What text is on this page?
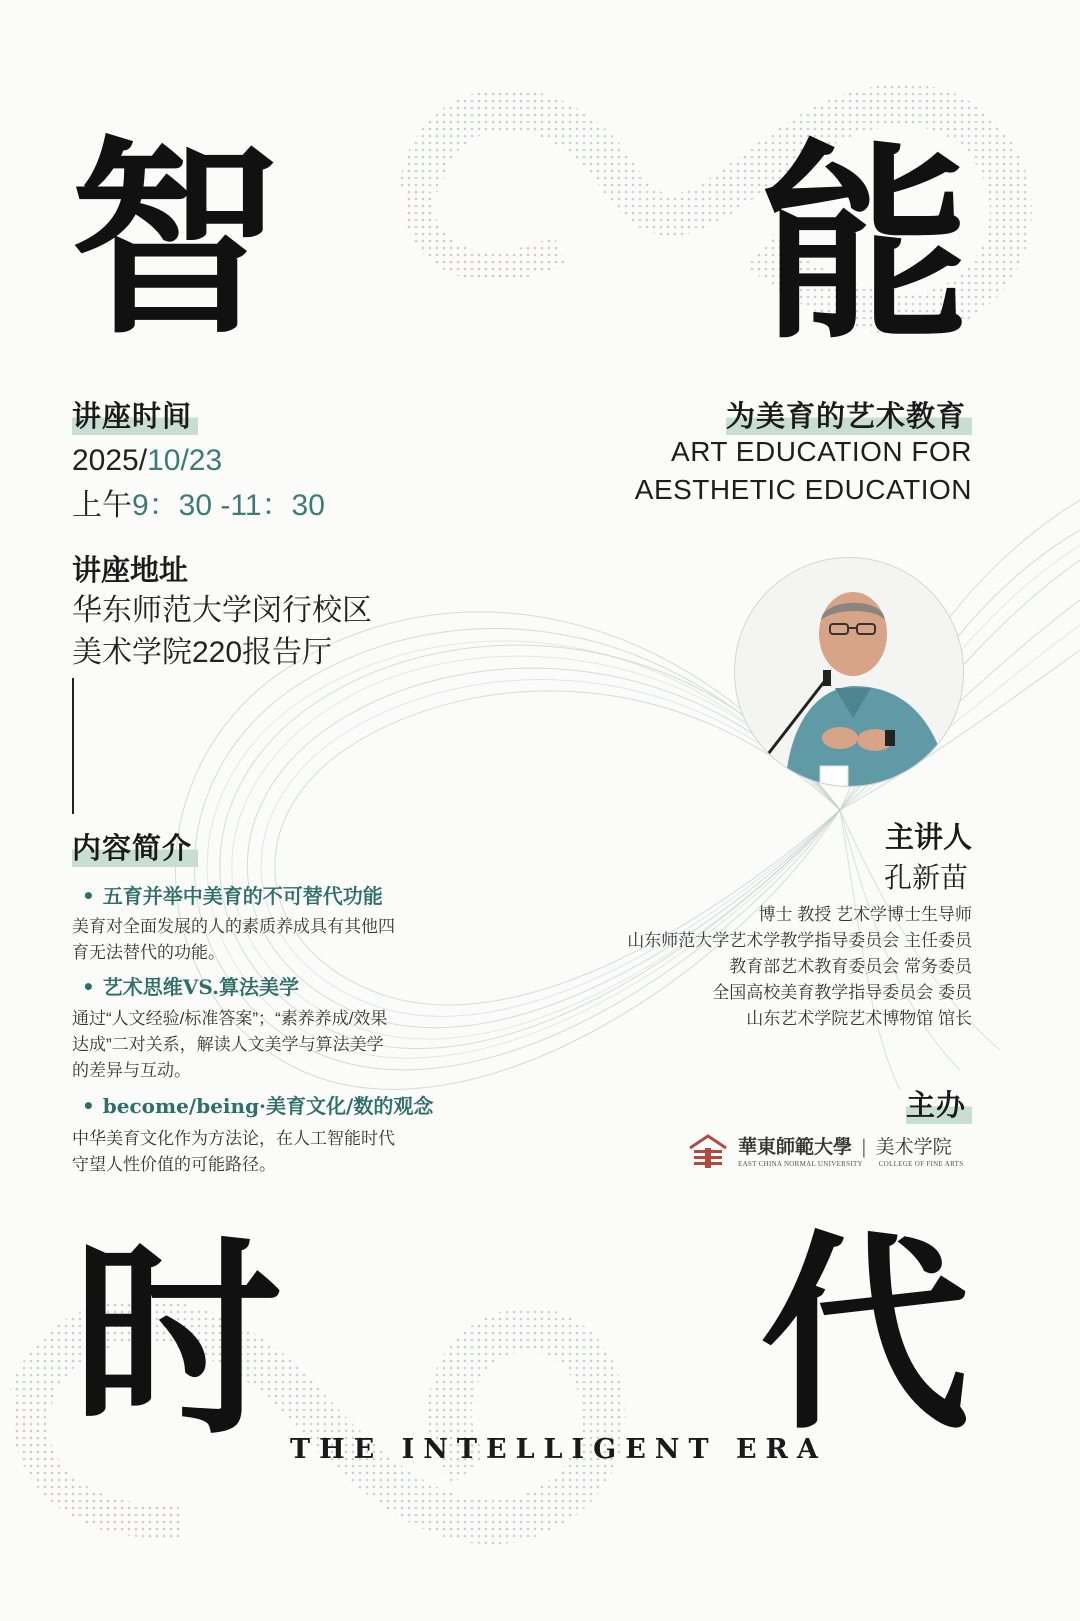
智 能
时 代
THE INTELLIGENT ERA
讲座时间
2025/10/23
上午9：30 -11：30
讲座地址
华东师范大学闵行校区
美术学院220报告厅
为美育的艺术教育
ART EDUCATION FOR
AESTHETIC EDUCATION
主讲人
孔新苗
博士 教授 艺术学博士生导师
山东师范大学艺术学教学指导委员会 主任委员
教育部艺术教育委员会 常务委员
全国高校美育教学指导委员会 委员
山东艺术学院艺术博物馆 馆长
主办
華東師範大學 | 美术学院
EAST CHINA NORMAL UNIVERSITY COLLEGE OF FINE ARTS
内容简介
• 五育并举中美育的不可替代功能
美育对全面发展的人的素质养成具有其他四
育无法替代的功能。
• 艺术思维VS.算法美学
通过“人文经验/标准答案”；“素养养成/效果
达成”二对关系，解读人文美学与算法美学
的差异与互动。
• become/being·美育文化/数的观念
中华美育文化作为方法论，在人工智能时代
守望人性价值的可能路径。
